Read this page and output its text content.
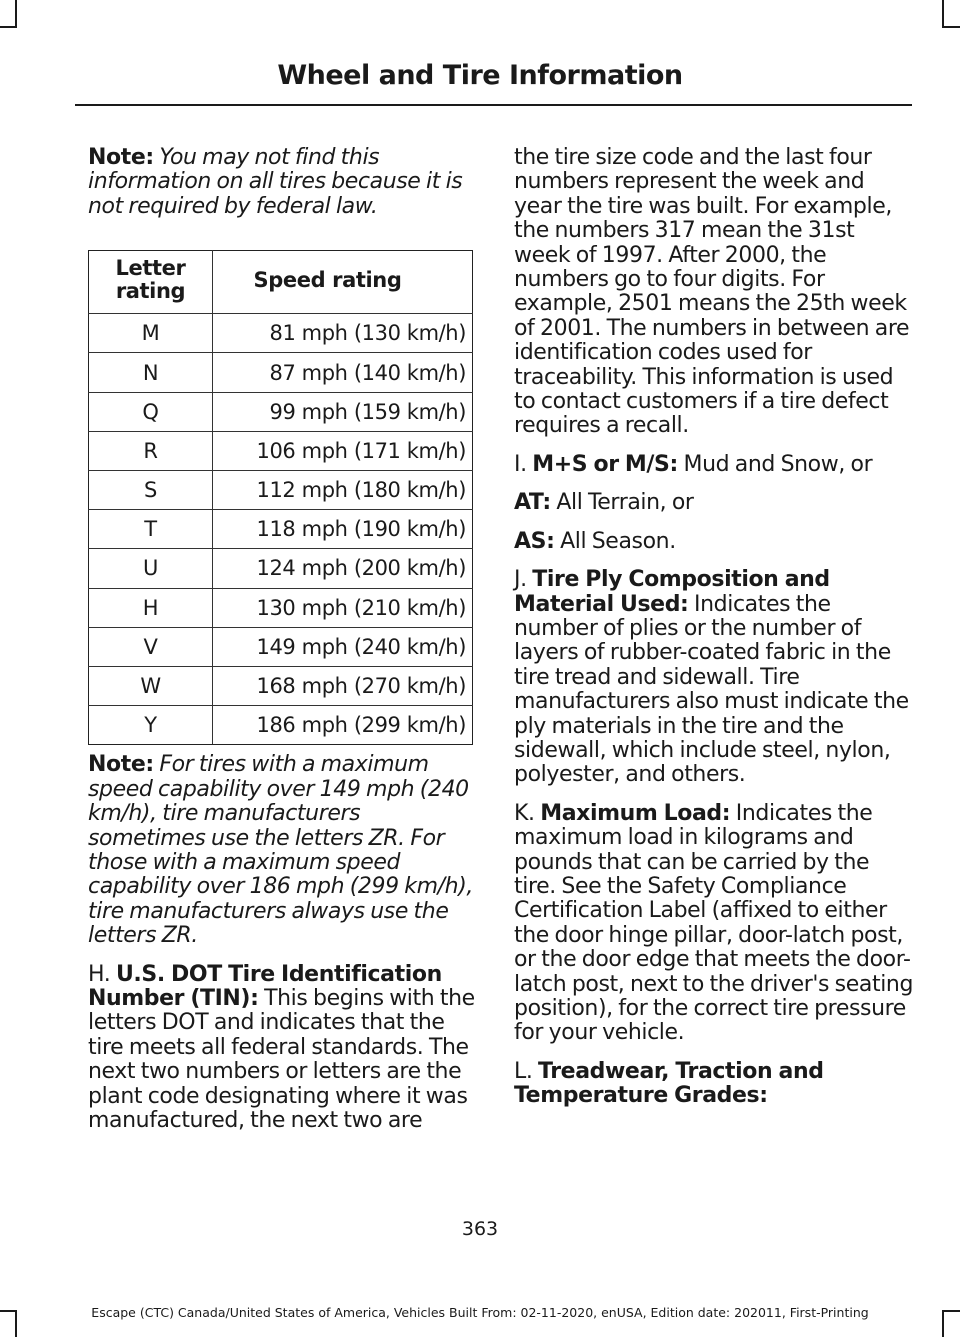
Wheel and Tire Information

Note: You may not find this information on all tires because it is not required by federal law.

Letter rating	Speed rating
M	81 mph (130 km/h)
N	87 mph (140 km/h)
Q	99 mph (159 km/h)
R	106 mph (171 km/h)
S	112 mph (180 km/h)
T	118 mph (190 km/h)
U	124 mph (200 km/h)
H	130 mph (210 km/h)
V	149 mph (240 km/h)
W	168 mph (270 km/h)
Y	186 mph (299 km/h)

Note: For tires with a maximum speed capability over 149 mph (240 km/h), tire manufacturers sometimes use the letters ZR. For those with a maximum speed capability over 186 mph (299 km/h), tire manufacturers always use the letters ZR.

H. U.S. DOT Tire Identification Number (TIN): This begins with the letters DOT and indicates that the tire meets all federal standards. The next two numbers or letters are the plant code designating where it was manufactured, the next two are

the tire size code and the last four numbers represent the week and year the tire was built. For example, the numbers 317 mean the 31st week of 1997. After 2000, the numbers go to four digits. For example, 2501 means the 25th week of 2001. The numbers in between are identification codes used for traceability. This information is used to contact customers if a tire defect requires a recall.

I. M+S or M/S: Mud and Snow, or

AT: All Terrain, or

AS: All Season.

J. Tire Ply Composition and Material Used: Indicates the number of plies or the number of layers of rubber-coated fabric in the tire tread and sidewall. Tire manufacturers also must indicate the ply materials in the tire and the sidewall, which include steel, nylon, polyester, and others.

K. Maximum Load: Indicates the maximum load in kilograms and pounds that can be carried by the tire. See the Safety Compliance Certification Label (affixed to either the door hinge pillar, door-latch post, or the door edge that meets the door-latch post, next to the driver's seating position), for the correct tire pressure for your vehicle.

L. Treadwear, Traction and Temperature Grades:

363
Escape (CTC) Canada/United States of America, Vehicles Built From: 02-11-2020, enUSA, Edition date: 202011, First-Printing
